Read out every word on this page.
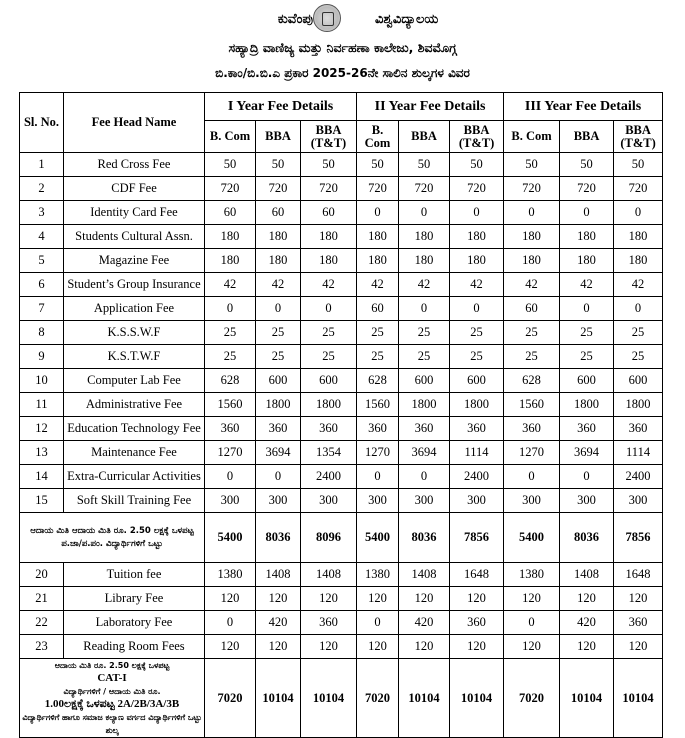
ಕುವೆಂಪು	ವಿಶ್ವವಿದ್ಯಾಲಯ
ಸಹ್ಯಾದ್ರಿ ವಾಣಿಜ್ಯ ಮತ್ತು ನಿರ್ವಹಣಾ ಕಾಲೇಜು, ಶಿವಮೊಗ್ಗ
ಬಿ.ಕಾಂ/ಬಿ.ಬಿ.ಎ ಪ್ರಕಾರ 2025-26ನೇ ಸಾಲಿನ ಶುಲ್ಕಗಳ ವಿವರ
Sl. No.	Fee Head Name	I Year Fee Details			II Year Fee Details			III Year Fee Details		
		B. Com	BBA	BBA (T&T)	B. Com	BBA	BBA (T&T)	B. Com	BBA	BBA (T&T)
1	Red Cross Fee	50	50	50	50	50	50	50	50	50
2	CDF Fee	720	720	720	720	720	720	720	720	720
3	Identity Card Fee	60	60	60	0	0	0	0	0	0
4	Students Cultural Assn.	180	180	180	180	180	180	180	180	180
5	Magazine Fee	180	180	180	180	180	180	180	180	180
6	Student’s Group Insurance	42	42	42	42	42	42	42	42	42
7	Application Fee	0	0	0	60	0	0	60	0	0
8	K.S.S.W.F	25	25	25	25	25	25	25	25	25
9	K.S.T.W.F	25	25	25	25	25	25	25	25	25
10	Computer Lab Fee	628	600	600	628	600	600	628	600	600
11	Administrative Fee	1560	1800	1800	1560	1800	1800	1560	1800	1800
12	Education Technology Fee	360	360	360	360	360	360	360	360	360
13	Maintenance Fee	1270	3694	1354	1270	3694	1114	1270	3694	1114
14	Extra-Curricular Activities	0	0	2400	0	0	2400	0	0	2400
15	Soft Skill Training Fee	300	300	300	300	300	300	300	300	300
ಆದಾಯ ಮಿತಿ ಆದಾಯ ಮಿತಿ ರೂ. 2.50 ಲಕ್ಷಕ್ಕೆ ಒಳಪಟ್ಟ ಪ.ಜಾ/ಪ.ಪಂ. ವಿದ್ಯಾರ್ಥಿಗಳಿಗೆ ಒಟ್ಟು		5400	8036	8096	5400	8036	7856	5400	8036	7856
20	Tuition fee	1380	1408	1408	1380	1408	1648	1380	1408	1648
21	Library Fee	120	120	120	120	120	120	120	120	120
22	Laboratory Fee	0	420	360	0	420	360	0	420	360
23	Reading Room Fees	120	120	120	120	120	120	120	120	120

ಆದಾಯ ಮಿತಿ ರೂ. 2.50 ಲಕ್ಷಕ್ಕೆ ಒಳಪಟ್ಟ
CAT-I
ವಿದ್ಯಾರ್ಥಿಗಳಿಗೆ / ಆದಾಯ ಮಿತಿ ರೂ.
1.00ಲಕ್ಷಕ್ಕೆ ಒಳಪಟ್ಟ 2A/2B/3A/3B
ವಿದ್ಯಾರ್ಥಿಗಳಿಗೆ ಹಾಗೂ ಸಮಾಜ ಕಲ್ಯಾಣ ವರ್ಗದ ವಿದ್ಯಾರ್ಥಿಗಳಿಗೆ ಒಟ್ಟು ಶುಲ್ಕ		7020	10104	10104	7020	10104	10104	7020	10104	10104
